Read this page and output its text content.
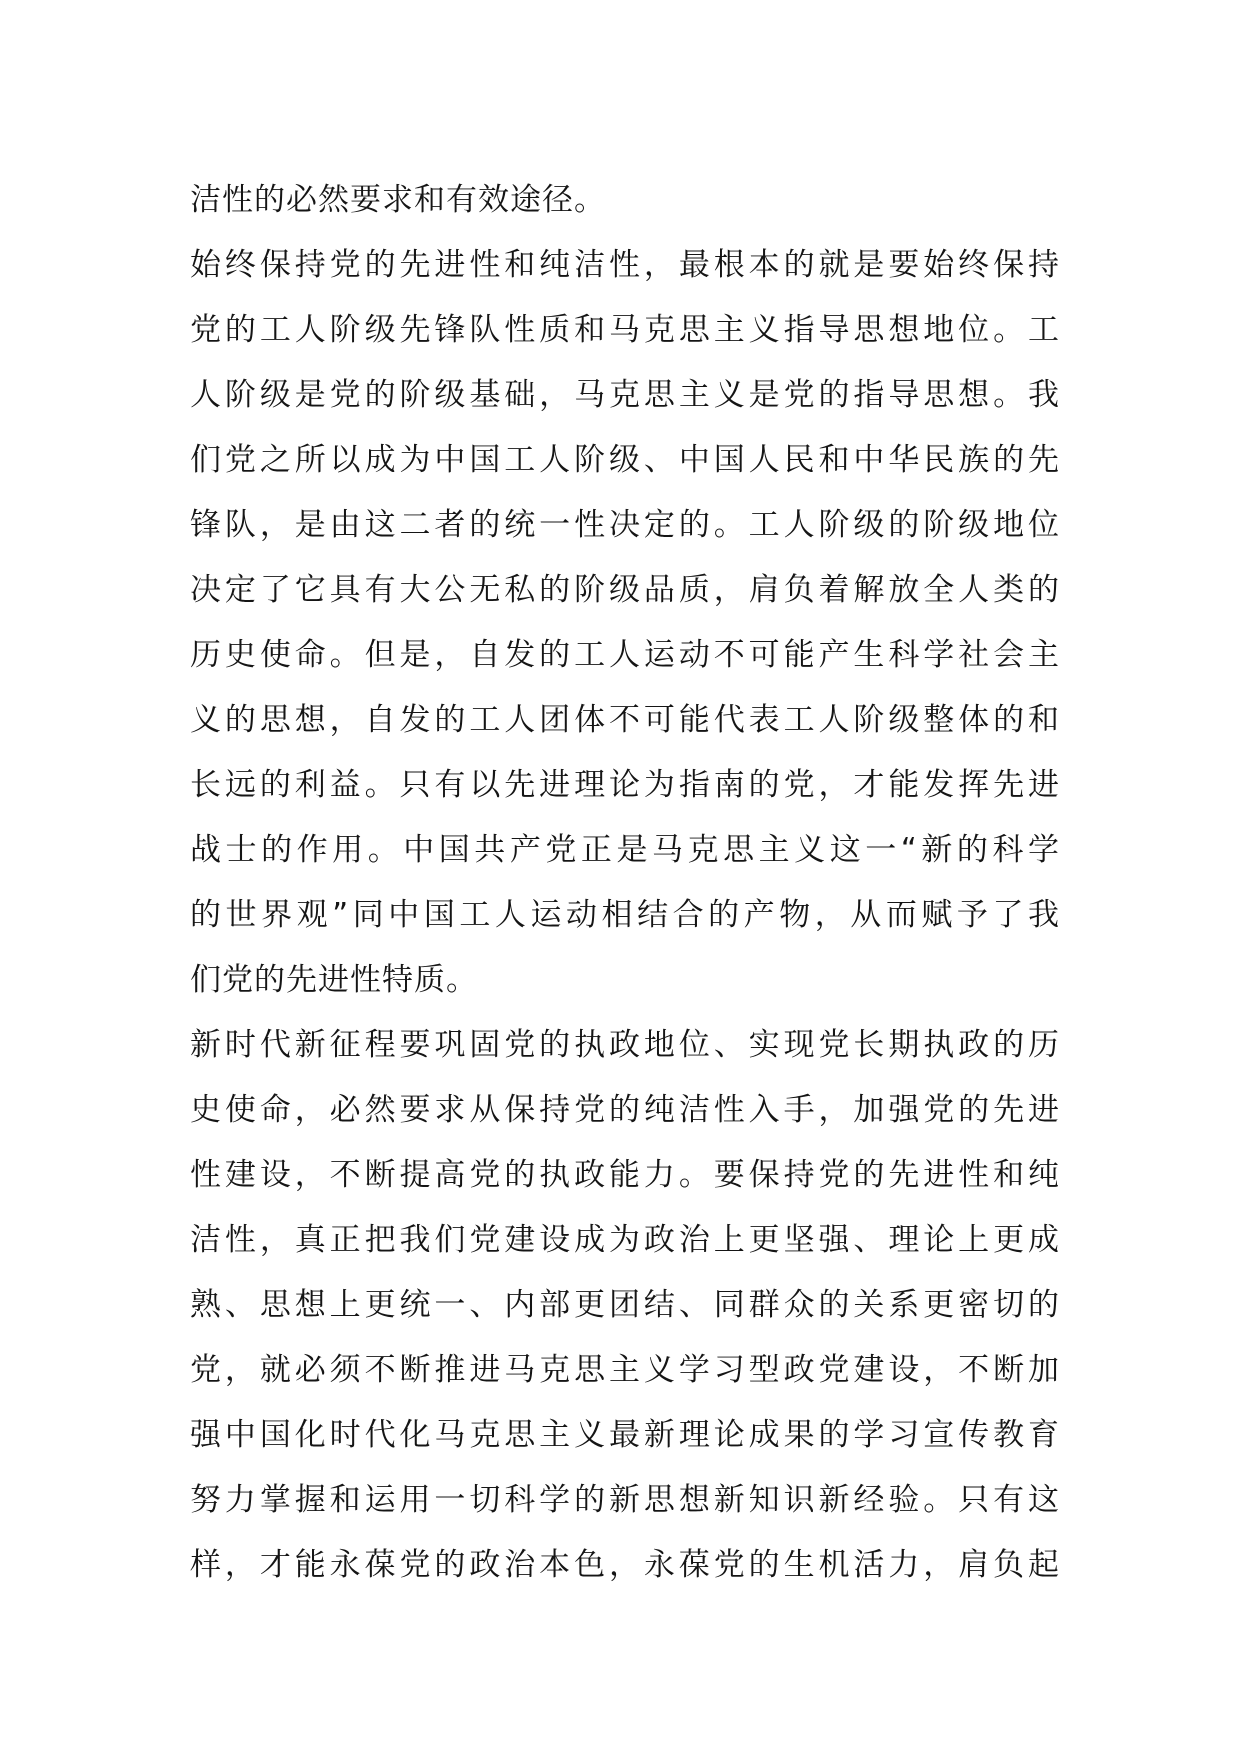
洁性的必然要求和有效途径。
始终保持党的先进性和纯洁性，最根本的就是要始终保持
党的工人阶级先锋队性质和马克思主义指导思想地位。工
人阶级是党的阶级基础，马克思主义是党的指导思想。我
们党之所以成为中国工人阶级、中国人民和中华民族的先
锋队，是由这二者的统一性决定的。工人阶级的阶级地位
决定了它具有大公无私的阶级品质，肩负着解放全人类的
历史使命。但是，自发的工人运动不可能产生科学社会主
义的思想，自发的工人团体不可能代表工人阶级整体的和
长远的利益。只有以先进理论为指南的党，才能发挥先进
战士的作用。中国共产党正是马克思主义这一“新的科学
的世界观”同中国工人运动相结合的产物，从而赋予了我
们党的先进性特质。
新时代新征程要巩固党的执政地位、实现党长期执政的历
史使命，必然要求从保持党的纯洁性入手，加强党的先进
性建设，不断提高党的执政能力。要保持党的先进性和纯
洁性，真正把我们党建设成为政治上更坚强、理论上更成
熟、思想上更统一、内部更团结、同群众的关系更密切的
党，就必须不断推进马克思主义学习型政党建设，不断加
强中国化时代化马克思主义最新理论成果的学习宣传教育
努力掌握和运用一切科学的新思想新知识新经验。只有这
样，才能永葆党的政治本色，永葆党的生机活力，肩负起
